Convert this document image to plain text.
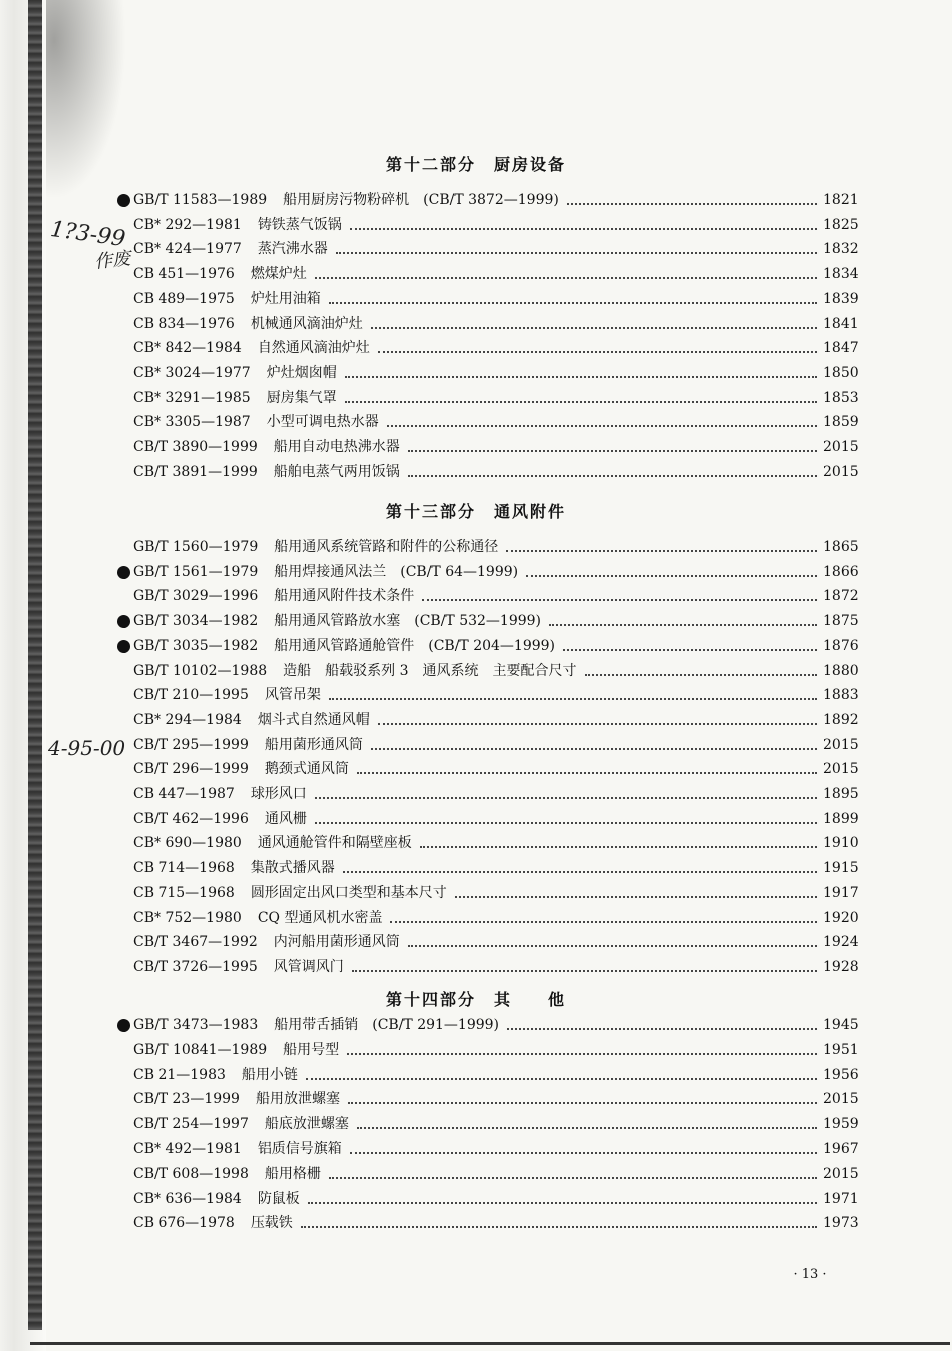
1?3-99
作废
4-95-00
第十二部分　厨房设备
GB/T 11583—1989 船用厨房污物粉碎机　(CB/T 3872—1999)	1821
CB* 292—1981 铸铁蒸气饭锅	1825
CB* 424—1977 蒸汽沸水器	1832
CB 451—1976 燃煤炉灶	1834
CB 489—1975 炉灶用油箱	1839
CB 834—1976 机械通风滴油炉灶	1841
CB* 842—1984 自然通风滴油炉灶	1847
CB* 3024—1977 炉灶烟囱帽	1850
CB* 3291—1985 厨房集气罩	1853
CB* 3305—1987 小型可调电热水器	1859
CB/T 3890—1999 船用自动电热沸水器	2015
CB/T 3891—1999 船舶电蒸气两用饭锅	2015
第十三部分　通风附件
GB/T 1560—1979 船用通风系统管路和附件的公称通径	1865
GB/T 1561—1979 船用焊接通风法兰　(CB/T 64—1999)	1866
GB/T 3029—1996 船用通风附件技术条件	1872
GB/T 3034—1982 船用通风管路放水塞　(CB/T 532—1999)	1875
GB/T 3035—1982 船用通风管路通舱管件　(CB/T 204—1999)	1876
GB/T 10102—1988 造船　船载驳系列 3　通风系统　主要配合尺寸	1880
CB/T 210—1995 风管吊架	1883
CB* 294—1984 烟斗式自然通风帽	1892
CB/T 295—1999 船用菌形通风筒	2015
CB/T 296—1999 鹅颈式通风筒	2015
CB 447—1987 球形风口	1895
CB/T 462—1996 通风栅	1899
CB* 690—1980 通风通舱管件和隔壁座板	1910
CB 714—1968 集散式播风器	1915
CB 715—1968 圆形固定出风口类型和基本尺寸	1917
CB* 752—1980 CQ 型通风机水密盖	1920
CB/T 3467—1992 内河船用菌形通风筒	1924
CB/T 3726—1995 风管调风门	1928
第十四部分　其　　他
GB/T 3473—1983 船用带舌插销　(CB/T 291—1999)	1945
GB/T 10841—1989 船用号型	1951
CB 21—1983 船用小链	1956
CB/T 23—1999 船用放泄螺塞	2015
CB/T 254—1997 船底放泄螺塞	1959
CB* 492—1981 铝质信号旗箱	1967
CB/T 608—1998 船用格栅	2015
CB* 636—1984 防鼠板	1971
CB 676—1978 压载铁	1973
· 13 ·
